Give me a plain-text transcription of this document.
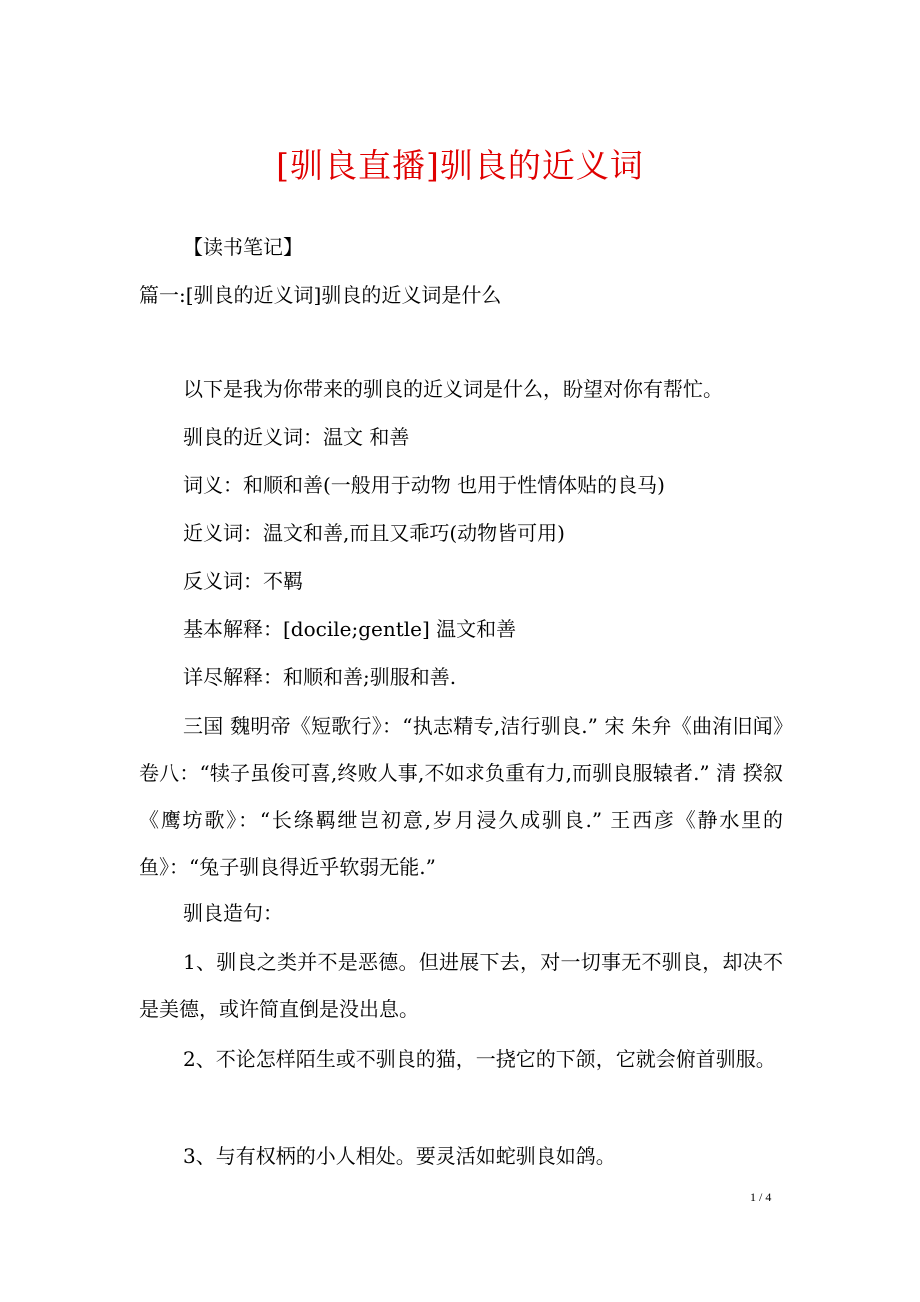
[驯良直播]驯良的近义词
【读书笔记】
篇一:[驯良的近义词]驯良的近义词是什么
以下是我为你带来的驯良的近义词是什么，盼望对你有帮忙。
驯良的近义词：温文 和善
词义：和顺和善(一般用于动物 也用于性情体贴的良马)
近义词：温文和善,而且又乖巧(动物皆可用)
反义词：不羁
基本解释：[docile;gentle] 温文和善
详尽解释：和顺和善;驯服和善.
三国 魏明帝《短歌行》：“执志精专,洁行驯良.” 宋 朱弁《曲洧旧闻》卷八：“犊子虽俊可喜,终败人事,不如求负重有力,而驯良服辕者.” 清 揆叙 《鹰坊歌》：“长绦羁绁岂初意,岁月浸久成驯良.” 王西彦《静水里的鱼》：“兔子驯良得近乎软弱无能.”
驯良造句：
1、驯良之类并不是恶德。但进展下去，对一切事无不驯良，却决不是美德，或许简直倒是没出息。
2、不论怎样陌生或不驯良的猫，一挠它的下颌，它就会俯首驯服。
3、与有权柄的小人相处。要灵活如蛇驯良如鸽。
1 / 4
